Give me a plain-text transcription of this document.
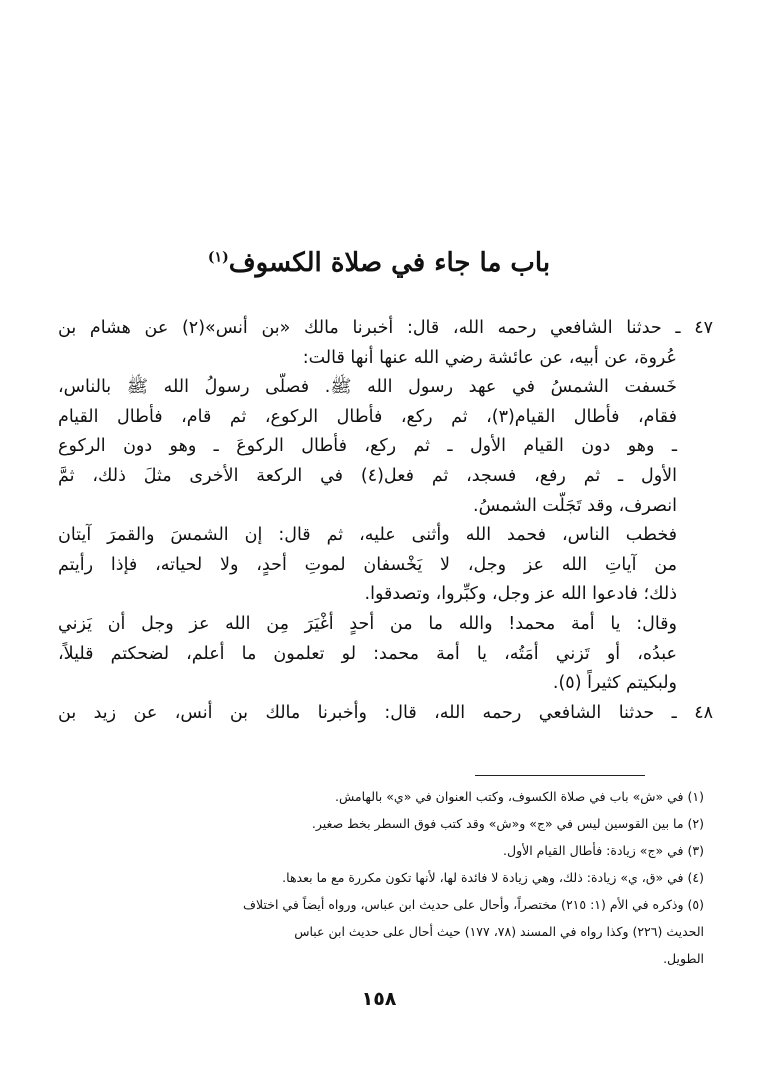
باب ما جاء في صلاة الكسوف$^{(١)}$
٤٧ ـ حدثنا الشافعي رحمه الله، قال: أخبرنا مالك «بن أنس»(٢) عن هشام بن
عُروة، عن أبيه، عن عائشة رضي الله عنها أنها قالت:
خَسفت الشمسُ في عهد رسول الله ﷺ. فصلّى رسولُ الله ﷺ بالناس،
فقام، فأطال القيام(٣)، ثم ركع، فأطال الركوع، ثم قام، فأطال القيام
ـ وهو دون القيام الأول ـ ثم ركع، فأطال الركوعَ ـ وهو دون الركوع
الأول ـ ثم رفع، فسجد، ثم فعل(٤) في الركعة الأخرى مثلَ ذلك، ثمَّ
انصرف، وقد تَجَلَّت الشمسُ.
فخطب الناس، فحمد الله وأثنى عليه، ثم قال: إن الشمسَ والقمرَ آيتان
من آياتِ الله عز وجل، لا يَخْسفان لموتِ أحدٍ، ولا لحياته، فإذا رأيتم
ذلك؛ فادعوا الله عز وجل، وكبِّروا، وتصدقوا.
وقال: يا أمة محمد! والله ما من أحدٍ أغْيَرَ مِن الله عز وجل أن يَزني
عبدُه، أو تَزني أمَتُه، يا أمة محمد: لو تعلمون ما أعلم، لضحكتم قليلاً،
ولبكيتم كثيراً (٥).
٤٨ ـ حدثنا الشافعي رحمه الله، قال: وأخبرنا مالك بن أنس، عن زيد بن
(١) في «ش» باب في صلاة الكسوف، وكتب العنوان في «ي» بالهامش.
(٢) ما بين القوسين ليس في «ج» و«ش» وقد كتب فوق السطر بخط صغير.
(٣) في «ج» زيادة: فأطال القيام الأول.
(٤) في «ق، ي» زيادة: ذلك، وهي زيادة لا فائدة لها، لأنها تكون مكررة مع ما بعدها.
(٥) وذكره في الأم (١: ٢١٥) مختصراً، وأحال على حديث ابن عباس، ورواه أيضاً في اختلاف
الحديث (٢٢٦) وكذا رواه في المسند (٧٨، ١٧٧) حيث أحال على حديث ابن عباس
الطويل.
١٥٨
